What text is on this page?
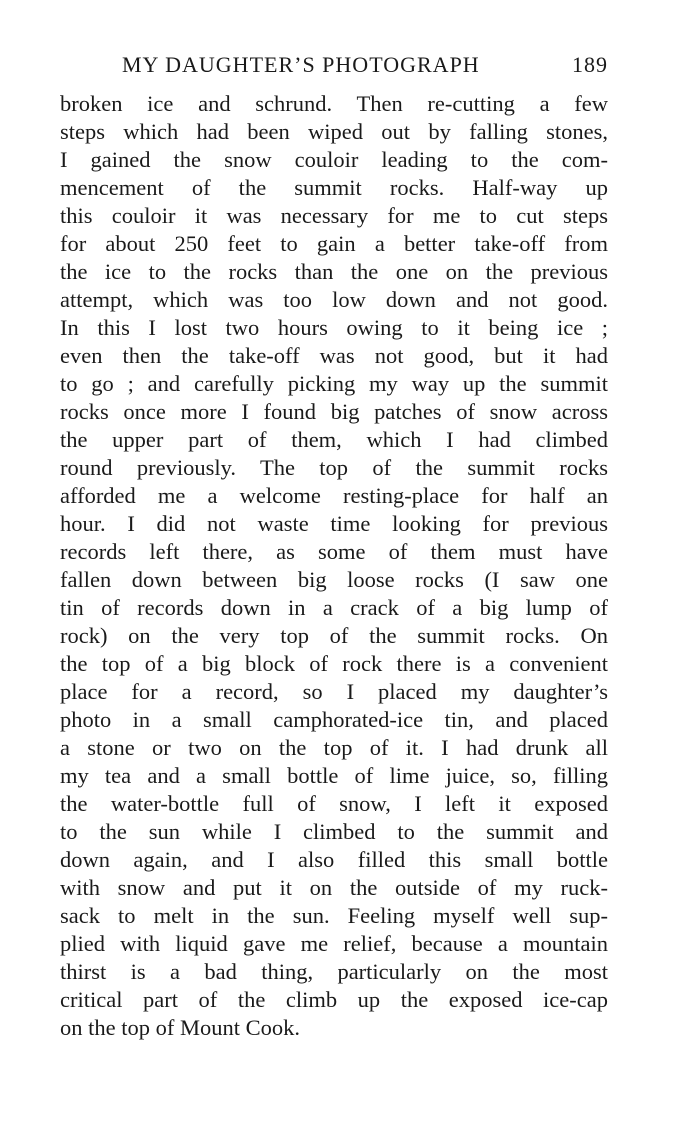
MY DAUGHTER’S PHOTOGRAPH	189
broken ice and schrund. Then re-cutting a few
steps which had been wiped out by falling stones,
I gained the snow couloir leading to the com-
mencement of the summit rocks. Half-way up
this couloir it was necessary for me to cut steps
for about 250 feet to gain a better take-off from
the ice to the rocks than the one on the previous
attempt, which was too low down and not good.
In this I lost two hours owing to it being ice ;
even then the take-off was not good, but it had
to go ; and carefully picking my way up the summit
rocks once more I found big patches of snow across
the upper part of them, which I had climbed
round previously. The top of the summit rocks
afforded me a welcome resting-place for half an
hour. I did not waste time looking for previous
records left there, as some of them must have
fallen down between big loose rocks (I saw one
tin of records down in a crack of a big lump of
rock) on the very top of the summit rocks. On
the top of a big block of rock there is a convenient
place for a record, so I placed my daughter’s
photo in a small camphorated-ice tin, and placed
a stone or two on the top of it. I had drunk all
my tea and a small bottle of lime juice, so, filling
the water-bottle full of snow, I left it exposed
to the sun while I climbed to the summit and
down again, and I also filled this small bottle
with snow and put it on the outside of my ruck-
sack to melt in the sun. Feeling myself well sup-
plied with liquid gave me relief, because a mountain
thirst is a bad thing, particularly on the most
critical part of the climb up the exposed ice-cap
on the top of Mount Cook.
